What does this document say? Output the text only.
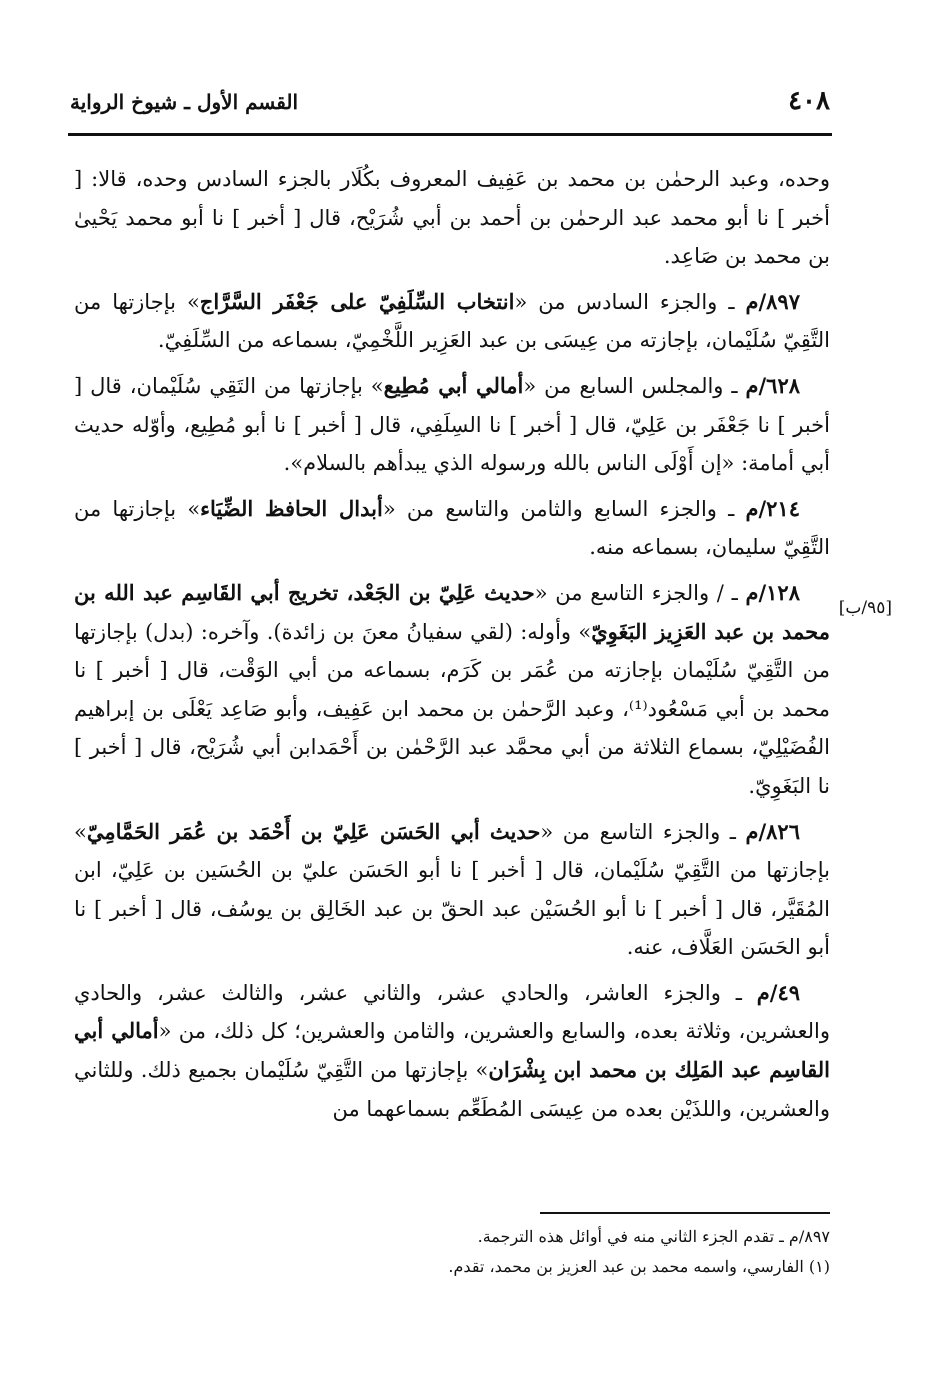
٤٠٨
القسم الأول ـ شيوخ الرواية
[٩٥/ب]

وحده، وعبد الرحمٰن بن محمد بن عَفِيف المعروف بكُلَار بالجزء السادس وحده، قالا: [ أخبر ] نا أبو محمد عبد الرحمٰن بن أحمد بن أبي شُرَيْح، قال [ أخبر ] نا أبو محمد يَحْيىٰ بن محمد بن صَاعِد.

٨٩٧/م ـ والجزء السادس من «انتخاب السِّلَفِيّ على جَعْفَر السَّرَّاج» بإجازتها من التَّقِيّ سُلَيْمان، بإجازته من عِيسَى بن عبد العَزِير اللَّخْمِيّ، بسماعه من السِّلَفِيّ.

٦٢٨/م ـ والمجلس السابع من «أمالي أبي مُطِيع» بإجازتها من التَقِي سُلَيْمان، قال [ أخبر ] نا جَعْفَر بن عَلِيّ، قال [ أخبر ] نا السِلَفِي، قال [ أخبر ] نا أبو مُطِيع، وأوّله حديث أبي أمامة: «إن أَوْلَى الناس بالله ورسوله الذي يبدأهم بالسلام».

٢١٤/م ـ والجزء السابع والثامن والتاسع من «أبدال الحافظ الضِّيَاء» بإجازتها من التَّقِيّ سليمان، بسماعه منه.

١٢٨/م ـ / والجزء التاسع من «حديث عَلِيّ بن الجَعْد، تخريج أبي القَاسِم عبد الله بن محمد بن عبد العَزِيز البَغَوِيّ» وأوله: (لقي سفيانُ معنَ بن زائدة). وآخره: (بدل) بإجازتها من التَّقِيّ سُلَيْمان بإجازته من عُمَر بن كَرَم، بسماعه من أبي الوَقْت، قال [ أخبر ] نا محمد بن أبي مَسْعُود⁽¹⁾، وعبد الرَّحمٰن بن محمد ابن عَفِيف، وأبو صَاعِد يَعْلَى بن إبراهيم الفُضَيْلِيّ، بسماع الثلاثة من أبي محمَّد عبد الرَّحْمٰن بن أَحْمَدابن أبي شُرَيْح، قال [ أخبر ] نا البَغَوِيّ.

٨٢٦/م ـ والجزء التاسع من «حديث أبي الحَسَن عَلِيّ بن أَحْمَد بن عُمَر الحَمَّامِيّ» بإجازتها من التَّقِيّ سُلَيْمان، قال [ أخبر ] نا أبو الحَسَن عليّ بن الحُسَين بن عَلِيّ، ابن المُقَيَّر، قال [ أخبر ] نا أبو الحُسَيْن عبد الحقّ بن عبد الخَالِق بن يوسُف، قال [ أخبر ] نا أبو الحَسَن العَلَّاف، عنه.

٤٩/م ـ والجزء العاشر، والحادي عشر، والثاني عشر، والثالث عشر، والحادي والعشرين، وثلاثة بعده، والسابع والعشرين، والثامن والعشرين؛ كل ذلك، من «أمالي أبي القاسِم عبد المَلِك بن محمد ابن بِشْرَان» بإجازتها من التَّقِيّ سُلَيْمان بجميع ذلك. وللثاني والعشرين، واللذَيْن بعده من عِيسَى المُطَعِّم بسماعهما من

٨٩٧/م ـ تقدم الجزء الثاني منه في أوائل هذه الترجمة.

(١) الفارسي، واسمه محمد بن عبد العزيز بن محمد، تقدم.
